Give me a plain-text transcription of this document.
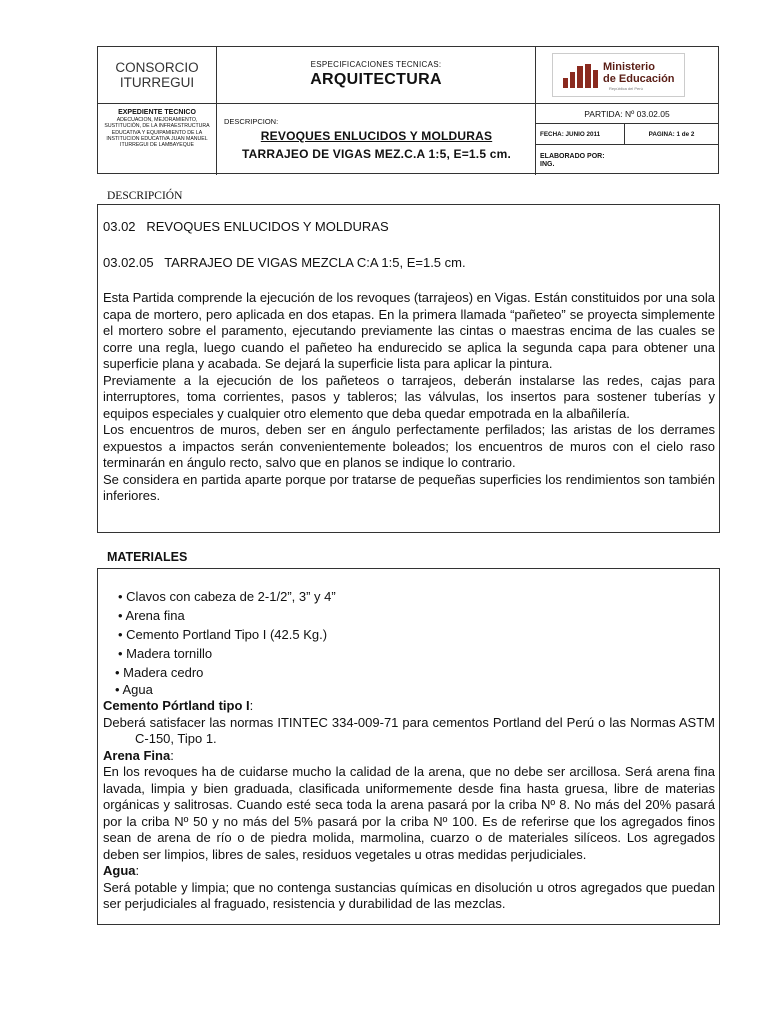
CONSORCIO
ITURREGUI
ESPECIFICACIONES TECNICAS:
ARQUITECTURA
Ministerio
de Educación
República del Perú
EXPEDIENTE TECNICO
ADECUACION, MEJORAMIENTO, SUSTITUCIÓN, DE LA INFRAESTRUCTURA EDUCATIVA Y EQUIPAMIENTO DE LA INSTITUCION EDUCATIVA JUAN MANUEL ITURREGUI DE LAMBAYEQUE
DESCRIPCION:
REVOQUES ENLUCIDOS Y MOLDURAS
TARRAJEO DE VIGAS MEZ.C.A 1:5, E=1.5 cm.
PARTIDA: Nº 03.02.05
FECHA: JUNIO 2011	PAGINA: 1 de 2
ELABORADO POR:
ING.
DESCRIPCIÓN

03.02   REVOQUES ENLUCIDOS Y MOLDURAS

03.02.05   TARRAJEO DE VIGAS MEZCLA C:A 1:5, E=1.5 cm.

Esta Partida comprende la ejecución de los revoques (tarrajeos) en Vigas. Están constituidos por una sola capa de mortero, pero aplicada en dos etapas. En la primera llamada “pañeteo” se proyecta simplemente el mortero sobre el paramento, ejecutando previamente las cintas o maestras encima de las cuales se corre una regla, luego cuando el pañeteo ha endurecido se aplica la segunda capa para obtener una superficie plana y acabada. Se dejará la superficie lista para aplicar la pintura.

Previamente a la ejecución de los pañeteos o tarrajeos, deberán instalarse las redes, cajas para interruptores, toma corrientes, pasos y tableros; las válvulas, los insertos para sostener tuberías y equipos especiales y cualquier otro elemento que deba quedar empotrada en la albañilería.

Los encuentros de muros, deben ser en ángulo perfectamente perfilados; las aristas de los derrames expuestos a impactos serán convenientemente boleados; los encuentros de muros con el cielo raso terminarán en ángulo recto, salvo que en planos se indique lo contrario.

Se considera en partida aparte porque por tratarse de pequeñas superficies los rendimientos son también inferiores.

MATERIALES
• Clavos con cabeza de 2-1/2”, 3” y 4”
• Arena fina
• Cemento Portland Tipo I (42.5 Kg.)
• Madera tornillo
• Madera cedro
• Agua

Cemento Pórtland tipo I:

Deberá satisfacer las normas ITINTEC 334-009-71 para cementos Portland del Perú o las Normas ASTM C-150, Tipo 1.

Arena Fina:

En los revoques ha de cuidarse mucho la calidad de la arena, que no debe ser arcillosa. Será arena fina lavada, limpia y bien graduada, clasificada uniformemente desde fina hasta gruesa, libre de materias orgánicas y salitrosas. Cuando esté seca toda la arena pasará por la criba Nº 8. No más del 20% pasará por la criba Nº 50 y no más del 5% pasará por la criba Nº 100. Es de referirse que los agregados finos sean de arena de río o de piedra molida, marmolina, cuarzo o de materiales silíceos. Los agregados deben ser limpios, libres de sales, residuos vegetales u otras medidas perjudiciales.

Agua:

Será potable y limpia; que no contenga sustancias químicas en disolución u otros agregados que puedan ser perjudiciales al fraguado, resistencia y durabilidad de las mezclas.
